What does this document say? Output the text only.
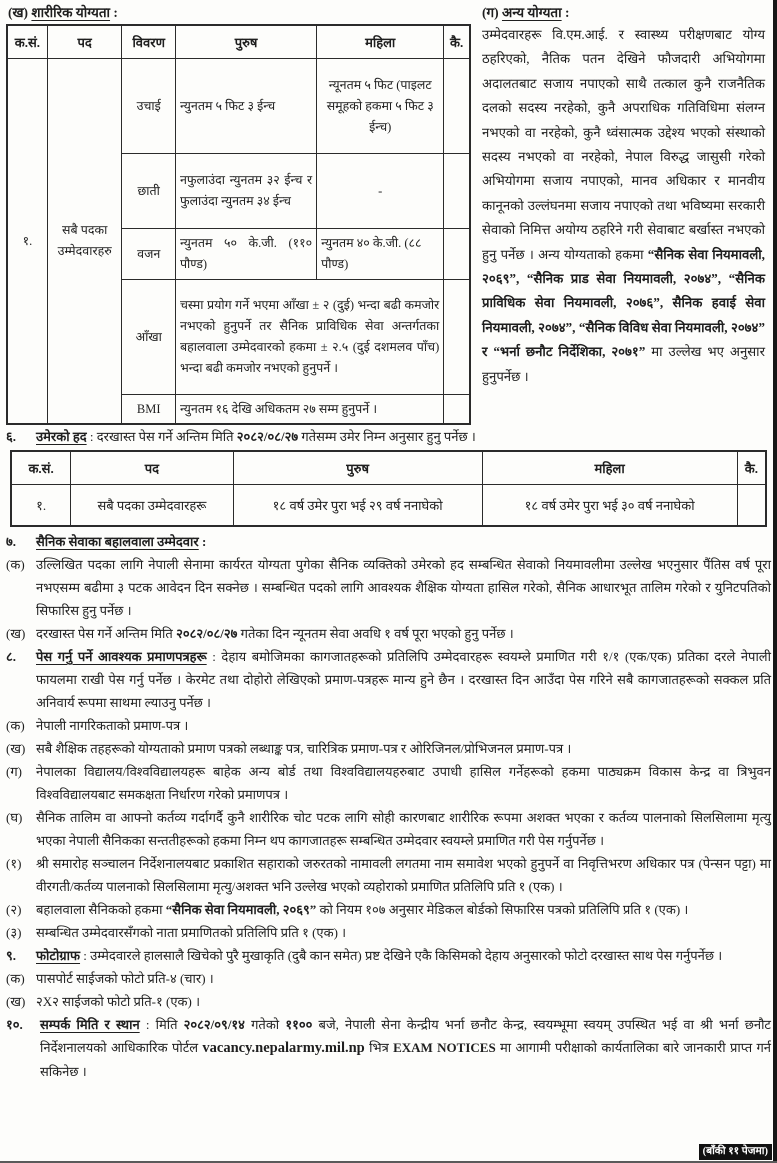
(ख) शारीरिक योग्यता :
क.सं.	पद	विवरण	पुरुष	महिला	कै.
१.	सबै पदका उम्मेदवारहरु	उचाई	न्युनतम ५ फिट ३ ईन्च	न्यूनतम ५ फिट (पाइलट समूहको हकमा ५ फिट ३ ईन्च)	
		छाती	नफुलाउंदा न्युनतम ३२ ईन्च र फुलाउंदा न्युनतम ३४ ईन्च	-	
		वजन	न्युनतम ५० के.जी. (११० पौण्ड)	न्युनतम ४० के.जी. (८८ पौण्ड)	
		आँखा	चस्मा प्रयोग गर्ने भएमा आँखा ± २ (दुई) भन्दा बढी कमजोर नभएको हुनुपर्ने तर सैनिक प्राविधिक सेवा अन्तर्गतका बहालवाला उम्मेदवारको हकमा ± २.५ (दुई दशमलव पाँच) भन्दा बढी कमजोर नभएको हुनुपर्ने ।		
		BMI	न्युनतम १६ देखि अधिकतम २७ सम्म हुनुपर्ने ।		
(ग) अन्य योग्यता :

उम्मेदवारहरू वि.एम.आई. र स्वास्थ्य परीक्षणबाट योग्य ठहरिएको, नैतिक पतन देखिने फौजदारी अभियोगमा अदालतबाट सजाय नपाएको साथै तत्काल कुनै राजनैतिक दलको सदस्य नरहेको, कुनै अपराधिक गतिविधिमा संलग्न नभएको वा नरहेको, कुनै ध्वंसात्मक उद्देश्य भएको संस्थाको सदस्य नभएको वा नरहेको, नेपाल विरुद्ध जासुसी गरेको अभियोगमा सजाय नपाएको, मानव अधिकार र मानवीय कानूनको उल्लंघनमा सजाय नपाएको तथा भविष्यमा सरकारी सेवाको निमित्त अयोग्य ठहरिने गरी सेवाबाट बर्खास्त नभएको हुनु पर्नेछ । अन्य योग्यताको हकमा “सैनिक सेवा नियमावली, २०६९”, “सैनिक प्राड सेवा नियमावली, २०७४”, “सैनिक प्राविधिक सेवा नियमावली, २०७६”, सैनिक हवाई सेवा नियमावली, २०७४”, “सैनिक विविध सेवा नियमावली, २०७४” र “भर्ना छनौट निर्देशिका, २०७१” मा उल्लेख भए अनुसार हुनुपर्नेछ ।

६.	उमेरको हद : दरखास्त पेस गर्ने अन्तिम मिति २०८२/०८/२७ गतेसम्म उमेर निम्न अनुसार हुनु पर्नेछ ।
क.सं.	पद	पुरुष	महिला	कै.
१.	सबै पदका उम्मेदवारहरू	१८ वर्ष उमेर पुरा भई २९ वर्ष ननाघेको	१८ वर्ष उमेर पुरा भई ३० वर्ष ननाघेको	
७.	सैनिक सेवाका बहालवाला उम्मेदवार :
(क) उल्लिखित पदका लागि नेपाली सेनामा कार्यरत योग्यता पुगेका सैनिक व्यक्तिको उमेरको हद सम्बन्धित सेवाको नियमावलीमा उल्लेख भएनुसार पैंतिस वर्ष पूरा नभएसम्म बढीमा ३ पटक आवेदन दिन सक्नेछ । सम्बन्धित पदको लागि आवश्यक शैक्षिक योग्यता हासिल गरेको, सैनिक आधारभूत तालिम गरेको र युनिटपतिको सिफारिस हुनु पर्नेछ ।
(ख) दरखास्त पेस गर्ने अन्तिम मिति २०८२/०८/२७ गतेका दिन न्यूनतम सेवा अवधि १ वर्ष पूरा भएको हुनु पर्नेछ ।
८.	पेस गर्नु पर्ने आवश्यक प्रमाणपत्रहरू : देहाय बमोजिमका कागजातहरूको प्रतिलिपि उम्मेदवारहरू स्वयम्ले प्रमाणित गरी १/१ (एक/एक) प्रतिका दरले नेपाली फायलमा राखी पेस गर्नु पर्नेछ । केरमेट तथा दोहोरो लेखिएको प्रमाण-पत्रहरू मान्य हुने छैन । दरखास्त दिन आउँदा पेस गरिने सबै कागजातहरूको सक्कल प्रति अनिवार्य रूपमा साथमा ल्याउनु पर्नेछ ।
(क) नेपाली नागरिकताको प्रमाण-पत्र ।
(ख) सबै शैक्षिक तहहरूको योग्यताको प्रमाण पत्रको लब्धाङ्क पत्र, चारित्रिक प्रमाण-पत्र र ओरिजिनल/प्रोभिजनल प्रमाण-पत्र ।
(ग)	नेपालका विद्यालय/विश्वविद्यालयहरू बाहेक अन्य बोर्ड तथा विश्वविद्यालयहरुबाट उपाधी हासिल गर्नेहरूको हकमा पाठ्यक्रम विकास केन्द्र वा त्रिभुवन विश्वविद्यालयबाट समकक्षता निर्धारण गरेको प्रमाणपत्र ।
(घ)	सैनिक तालिम वा आफ्नो कर्तव्य गर्दागर्दै कुनै शारीरिक चोट पटक लागि सोही कारणबाट शारीरिक रूपमा अशक्त भएका र कर्तव्य पालनाको सिलसिलामा मृत्यु भएका नेपाली सैनिकका सन्ततीहरूको हकमा निम्न थप कागजातहरू सम्बन्धित उम्मेदवार स्वयम्ले प्रमाणित गरी पेस गर्नुपर्नेछ ।
(१)	श्री समारोह सञ्चालन निर्देशनालयबाट प्रकाशित सहाराको जरुरतको नामावली लगतमा नाम समावेश भएको हुनुपर्ने वा निवृत्तिभरण अधिकार पत्र (पेन्सन पट्टा) मा वीरगती/कर्तव्य पालनाको सिलसिलामा मृत्यु/अशक्त भनि उल्लेख भएको व्यहोराको प्रमाणित प्रतिलिपि प्रति १ (एक) ।
(२)	बहालवाला सैनिकको हकमा “सैनिक सेवा नियमावली, २०६९” को नियम १०७ अनुसार मेडिकल बोर्डको सिफारिस पत्रको प्रतिलिपि प्रति १ (एक) ।
(३)	सम्बन्धित उम्मेदवारसँगको नाता प्रमाणितको प्रतिलिपि प्रति १ (एक) ।
९.	फोटोग्राफ : उम्मेदवारले हालसालै खिचेको पुरै मुखाकृति (दुबै कान समेत) प्रष्ट देखिने एकै किसिमको देहाय अनुसारको फोटो दरखास्त साथ पेस गर्नुपर्नेछ ।
(क) पासपोर्ट साईजको फोटो प्रति-४ (चार) ।
(ख) २X२ साईजको फोटो प्रति-१ (एक) ।
१०.	सम्पर्क मिति र स्थान : मिति २०८२/०९/१४ गतेको ११०० बजे, नेपाली सेना केन्द्रीय भर्ना छनौट केन्द्र, स्वयम्भूमा स्वयम् उपस्थित भई वा श्री भर्ना छनौट निर्देशनालयको आधिकारिक पोर्टल vacancy.nepalarmy.mil.np भित्र EXAM NOTICES मा आगामी परीक्षाको कार्यतालिका बारे जानकारी प्राप्त गर्न सकिनेछ ।
(बाँकी ११ पेजमा)
